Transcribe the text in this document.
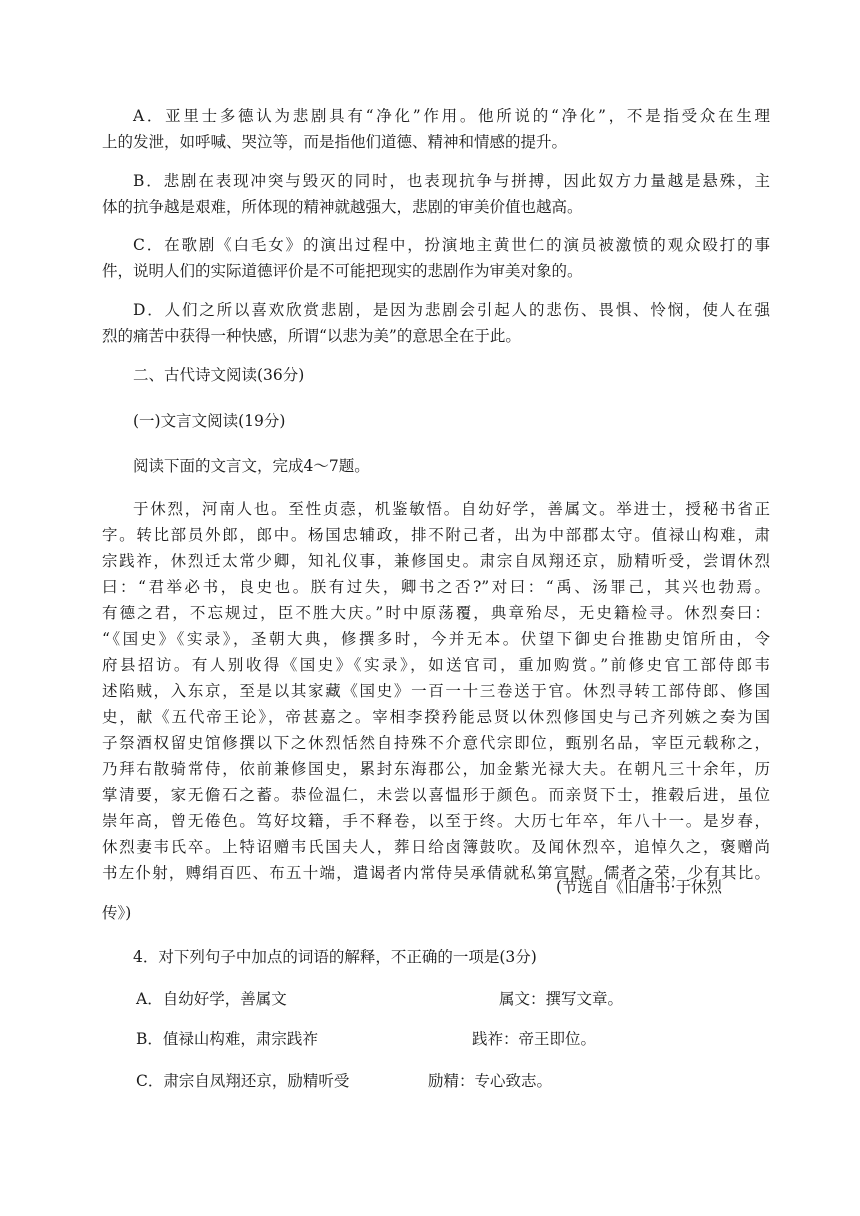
A．亚里士多德认为悲剧具有“净化”作用。他所说的“净化”，不是指受众在生理
上的发泄，如呼喊、哭泣等，而是指他们道德、精神和情感的提升。
B．悲剧在表现冲突与毁灭的同时，也表现抗争与拼搏，因此奴方力量越是悬殊，主
体的抗争越是艰难，所体现的精神就越强大，悲剧的审美价值也越高。
C．在歌剧《白毛女》的演出过程中，扮演地主黄世仁的演员被激愤的观众殴打的事
件，说明人们的实际道德评价是不可能把现实的悲剧作为审美对象的。
D．人们之所以喜欢欣赏悲剧，是因为悲剧会引起人的悲伤、畏惧、怜悯，使人在强
烈的痛苦中获得一种快感，所谓“以悲为美”的意思全在于此。
二、古代诗文阅读(36分)
(一)文言文阅读(19分)
阅读下面的文言文，完成4～7题。
于休烈，河南人也。至性贞悫，机鉴敏悟。自幼好学，善属文。举进士，授秘书省正
字。转比部员外郎，郎中。杨国忠辅政，排不附己者，出为中部郡太守。值禄山构难，肃
宗践祚，休烈迁太常少卿，知礼仪事，兼修国史。肃宗自凤翔还京，励精听受，尝谓休烈
曰：“君举必书，良史也。朕有过失，卿书之否?”对曰：“禹、汤罪己，其兴也勃焉。
有德之君，不忘规过，臣不胜大庆。”时中原荡覆，典章殆尽，无史籍检寻。休烈奏曰：
“《国史》《实录》，圣朝大典，修撰多时，今并无本。伏望下御史台推勘史馆所由，令
府县招访。有人别收得《国史》《实录》，如送官司，重加购赏。”前修史官工部侍郎韦
述陷贼，入东京，至是以其家藏《国史》一百一十三卷送于官。休烈寻转工部侍郎、修国
史，献《五代帝王论》，帝甚嘉之。宰相李揆矜能忌贤以休烈修国史与己齐列嫉之奏为国
子祭酒权留史馆修撰以下之休烈恬然自持殊不介意代宗即位，甄别名品，宰臣元载称之，
乃拜右散骑常侍，依前兼修国史，累封东海郡公，加金紫光禄大夫。在朝凡三十余年，历
掌清要，家无儋石之蓄。恭俭温仁，未尝以喜愠形于颜色。而亲贤下士，推毂后进，虽位
崇年高，曾无倦色。笃好坟籍，手不释卷，以至于终。大历七年卒，年八十一。是岁春，
休烈妻韦氏卒。上特诏赠韦氏国夫人，葬日给卤簿鼓吹。及闻休烈卒，追悼久之，褒赠尚
书左仆射，赙绢百匹、布五十端，遣谒者内常侍吴承倩就私第宣慰。儒者之荣，少有其比。
(节选自《旧唐书·于休烈
传》)
4．对下列句子中加点的词语的解释，不正确的一项是(3分)
A．自幼好学，善属文	属文：撰写文章。
B．值禄山构难，肃宗践祚	践祚：帝王即位。
C．肃宗自凤翔还京，励精听受	励精：专心致志。
